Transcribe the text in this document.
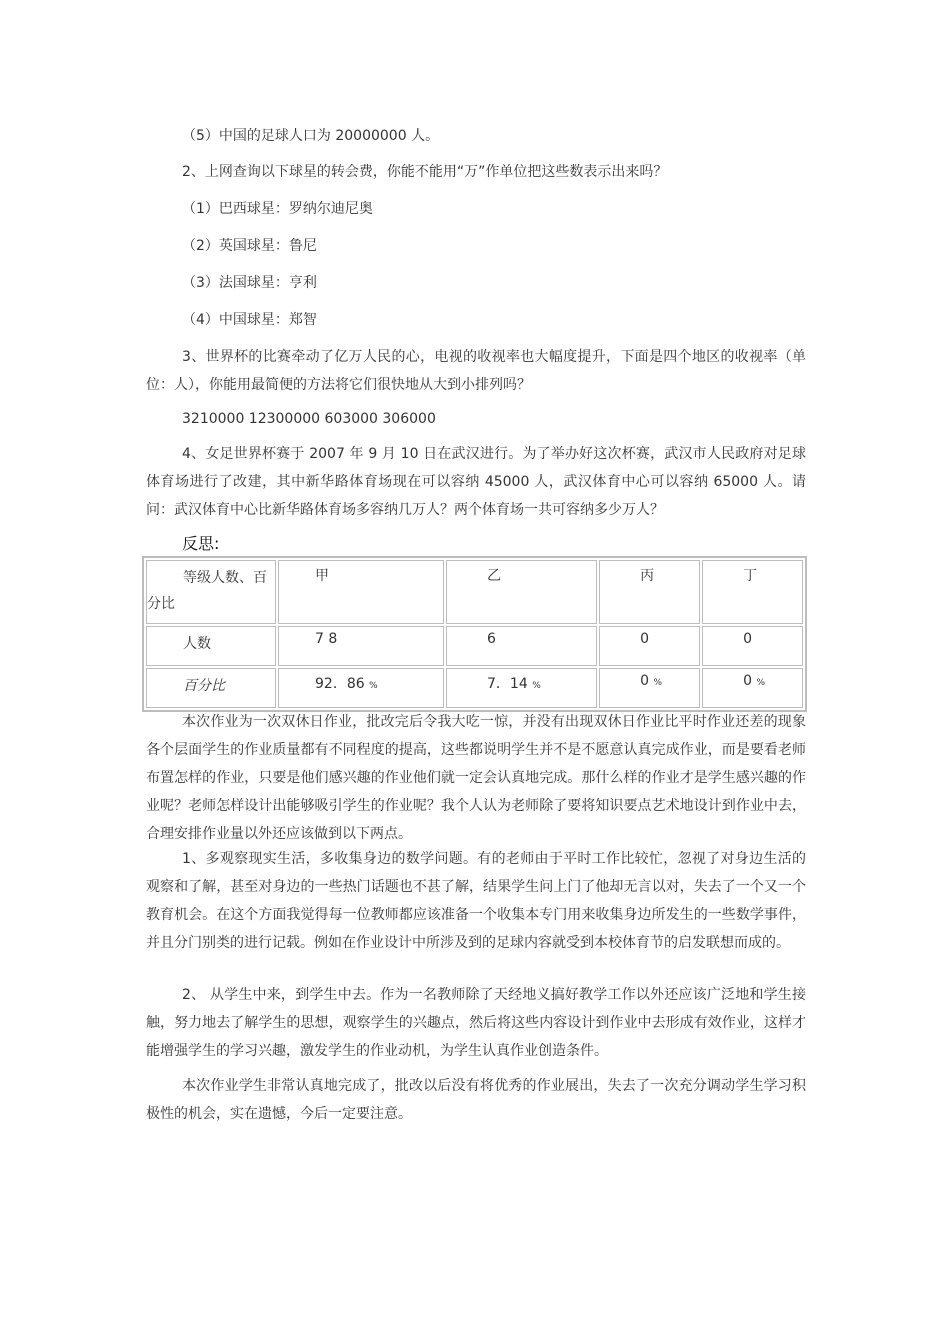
（5）中国的足球人口为 20000000 人。

2、上网查询以下球星的转会费，你能不能用“万”作单位把这些数表示出来吗？

（1）巴西球星：罗纳尔迪尼奥

（2）英国球星：鲁尼

（3）法国球星：亨利

（4）中国球星：郑智

3、世界杯的比赛牵动了亿万人民的心，电视的收视率也大幅度提升，下面是四个地区的收视率（单位：人），你能用最简便的方法将它们很快地从大到小排列吗？

3210000 12300000 603000 306000

4、女足世界杯赛于 2007 年 9 月 10 日在武汉进行。为了举办好这次杯赛，武汉市人民政府对足球体育场进行了改建，其中新华路体育场现在可以容纳 45000 人，武汉体育中心可以容纳 65000 人。请问：武汉体育中心比新华路体育场多容纳几万人？两个体育场一共可容纳多少万人？

反思:
等级人数、百分比	甲	乙	丙	丁
人数	7 8	6	0	0
百分比	92．86 %	7．14 %	0 %	0 %

本次作业为一次双休日作业，批改完后令我大吃一惊，并没有出现双休日作业比平时作业还差的现象各个层面学生的作业质量都有不同程度的提高，这些都说明学生并不是不愿意认真完成作业，而是要看老师布置怎样的作业，只要是他们感兴趣的作业他们就一定会认真地完成。那什么样的作业才是学生感兴趣的作业呢？老师怎样设计出能够吸引学生的作业呢？我个人认为老师除了要将知识要点艺术地设计到作业中去，合理安排作业量以外还应该做到以下两点。

1、多观察现实生活，多收集身边的数学问题。有的老师由于平时工作比较忙，忽视了对身边生活的观察和了解，甚至对身边的一些热门话题也不甚了解，结果学生问上门了他却无言以对，失去了一个又一个教育机会。在这个方面我觉得每一位教师都应该准备一个收集本专门用来收集身边所发生的一些数学事件，并且分门别类的进行记载。例如在作业设计中所涉及到的足球内容就受到本校体育节的启发联想而成的。

2、 从学生中来，到学生中去。作为一名教师除了天经地义搞好教学工作以外还应该广泛地和学生接触，努力地去了解学生的思想，观察学生的兴趣点，然后将这些内容设计到作业中去形成有效作业，这样才能增强学生的学习兴趣，激发学生的作业动机，为学生认真作业创造条件。

本次作业学生非常认真地完成了，批改以后没有将优秀的作业展出，失去了一次充分调动学生学习积极性的机会，实在遗憾，今后一定要注意。
